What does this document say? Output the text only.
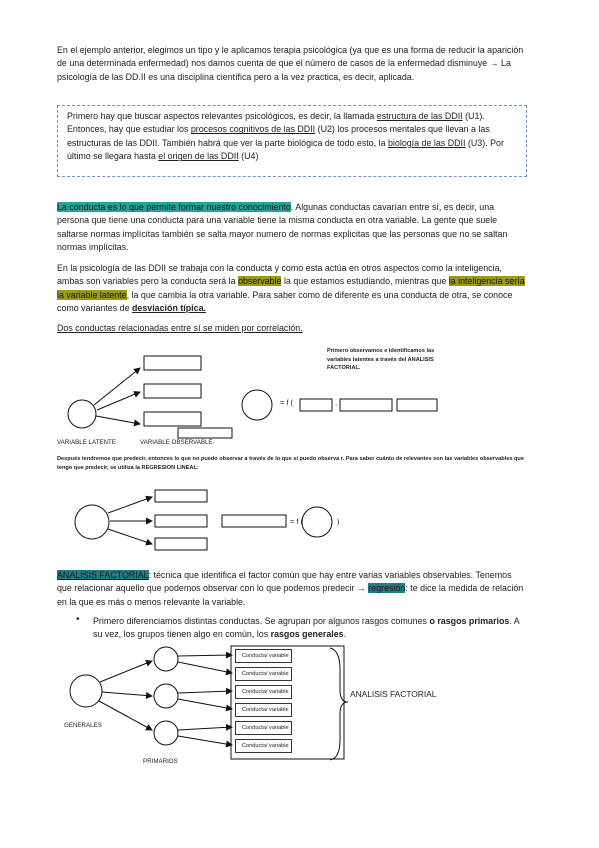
En el ejemplo anterior, elegimos un tipo y le aplicamos terapia psicológica (ya que es una forma de reducir la aparición de una determinada enfermedad) nos damos cuenta de que el número de casos de la enfermedad disminuye → La psicología de las DD.II es una disciplina científica pero a la vez practica, es decir, aplicada.

Primero hay que buscar aspectos relevantes psicológicos, es decir, la llamada estructura de las DDII (U1). Entonces, hay que estudiar los procesos cognitivos de las DDII (U2) los procesos mentales que llevan a las estructuras de las DDII. También habrá que ver la parte biológica de todo esto, la biología de las DDII (U3). Por último se llegara hasta el origen de las DDII (U4)

La conducta es lo que permite formar nuestro conocimiento. Algunas conductas cavarían entre sí, es decir, una persona que tiene una conducta para una variable tiene la misma conducta en otra variable. La gente que suele saltarse normas implícitas también se salta mayor numero de normas explicitas que las personas que no se saltan normas implícitas.

En la psicología de las DDII se trabaja con la conducta y como esta actúa en otros aspectos como la inteligencia, ambas son variables pero la conducta será la observable la que estamos estudiando, mientras que la inteligencia sería la variable latente, la que cambia la otra variable. Para saber como de diferente es una conducta de otra, se conoce como variantes de desviación típica.

Dos conductas relacionadas entre sí se miden por correlación.

Primero observamos e identificamos las variables latentes a través del ANALISIS FACTORIAL.

VARIABLE LATENTE	VARIABLE OBSERVABLE.
= f (	,

Después tendremos que predecir, entonces lo que no puedo observar a través de lo que sí puedo observa r. Para saber cuánto de relevantes son las variables observables que tengo que predecir, se utiliza la REGRESION LINEAL:

= f (	)

ANALISIS FACTORIAL: técnica que identifica el factor común que hay entre varias variables observables. Tenemos que relacionar aquello que podemos observar con lo que podemos predecir → regresión: te dice la medida de relación en la que es más o menos relevante la variable.

• Primero diferenciamos distintas conductas. Se agrupan por algunos rasgos comunes o rasgos primarios. A su vez, los grupos tienen algo en común, los rasgos generales.

Conducta/ variable
Conducta/ variable
Conducta/ variable
Conducta/ variable
Conducta/ variable
Conducta/ variable
GENERALES
PRIMARIOS
ANALISIS FACTORIAL
